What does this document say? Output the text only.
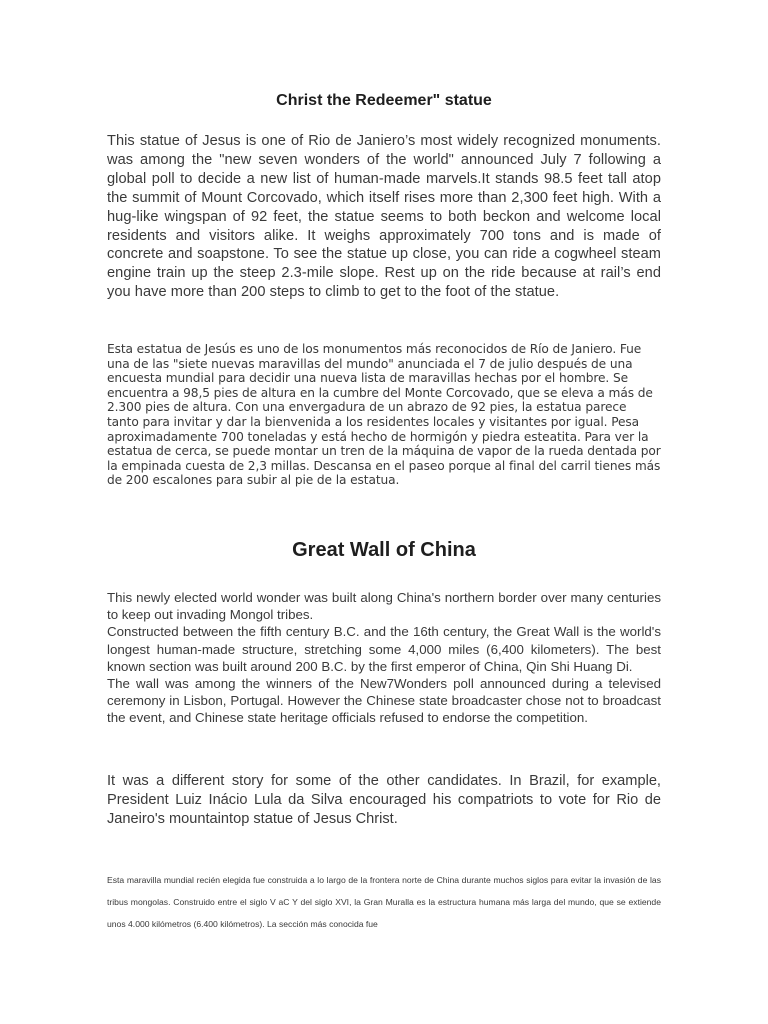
Christ the Redeemer" statue

This statue of Jesus is one of Rio de Janiero’s most widely recognized monuments. was among the "new seven wonders of the world" announced July 7 following a global poll to decide a new list of human-made marvels.It stands 98.5 feet tall atop the summit of Mount Corcovado, which itself rises more than 2,300 feet high. With a hug-like wingspan of 92 feet, the statue seems to both beckon and welcome local residents and visitors alike. It weighs approximately 700 tons and is made of concrete and soapstone. To see the statue up close, you can ride a cogwheel steam engine train up the steep 2.3-mile slope. Rest up on the ride because at rail’s end you have more than 200 steps to climb to get to the foot of the statue.

Esta estatua de Jesús es uno de los monumentos más reconocidos de Río de Janiero. Fue una de las "siete nuevas maravillas del mundo" anunciada el 7 de julio después de una encuesta mundial para decidir una nueva lista de maravillas hechas por el hombre. Se encuentra a 98,5 pies de altura en la cumbre del Monte Corcovado, que se eleva a más de 2.300 pies de altura. Con una envergadura de un abrazo de 92 pies, la estatua parece tanto para invitar y dar la bienvenida a los residentes locales y visitantes por igual. Pesa aproximadamente 700 toneladas y está hecho de hormigón y piedra esteatita. Para ver la estatua de cerca, se puede montar un tren de la máquina de vapor de la rueda dentada por la empinada cuesta de 2,3 millas. Descansa en el paseo porque al final del carril tienes más de 200 escalones para subir al pie de la estatua.

Great Wall of China
This newly elected world wonder was built along China's northern border over many centuries to keep out invading Mongol tribes.
Constructed between the fifth century B.C. and the 16th century, the Great Wall is the world's longest human-made structure, stretching some 4,000 miles (6,400 kilometers). The best known section was built around 200 B.C. by the first emperor of China, Qin Shi Huang Di.
The wall was among the winners of the New7Wonders poll announced during a televised ceremony in Lisbon, Portugal. However the Chinese state broadcaster chose not to broadcast the event, and Chinese state heritage officials refused to endorse the competition.

It was a different story for some of the other candidates. In Brazil, for example, President Luiz Inácio Lula da Silva encouraged his compatriots to vote for Rio de Janeiro's mountaintop statue of Jesus Christ.

Esta maravilla mundial recién elegida fue construida a lo largo de la frontera norte de China durante muchos siglos para evitar la invasión de las tribus mongolas. Construido entre el siglo V aC Y del siglo XVI, la Gran Muralla es la estructura humana más larga del mundo, que se extiende unos 4.000 kilómetros (6.400 kilómetros). La sección más conocida fue
